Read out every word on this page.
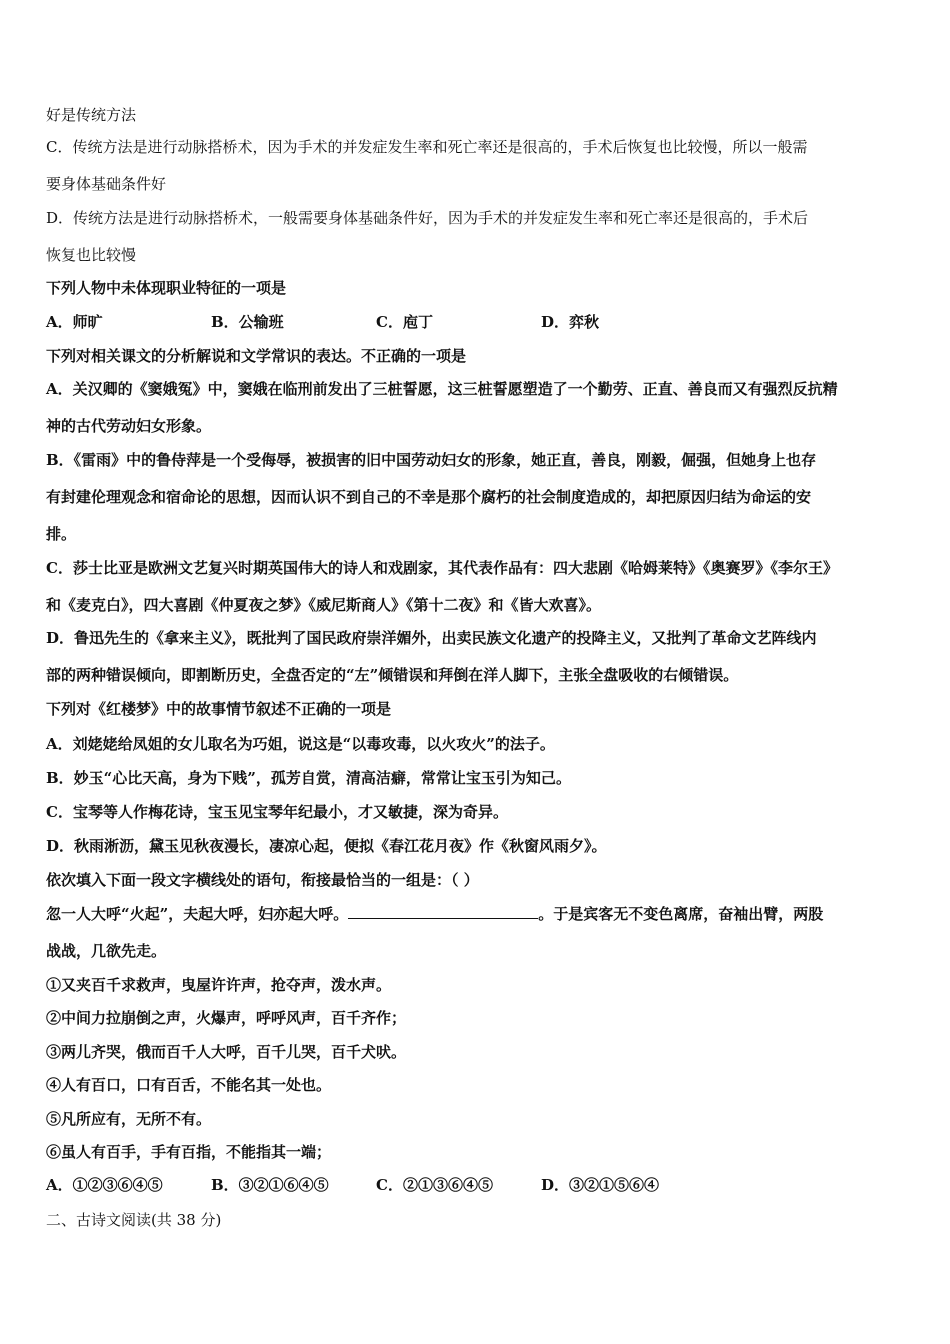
好是传统方法
C．传统方法是进行动脉搭桥术，因为手术的并发症发生率和死亡率还是很高的，手术后恢复也比较慢，所以一般需
要身体基础条件好
D．传统方法是进行动脉搭桥术，一般需要身体基础条件好，因为手术的并发症发生率和死亡率还是很高的，手术后
恢复也比较慢
下列人物中未体现职业特征的一项是
A．师旷	B．公输班	C．庖丁	D．弈秋
下列对相关课文的分析解说和文学常识的表达。不正确的一项是
A．关汉卿的《窦娥冤》中，窦娥在临刑前发出了三桩誓愿，这三桩誓愿塑造了一个勤劳、正直、善良而又有强烈反抗精
神的古代劳动妇女形象。
B．《雷雨》中的鲁侍萍是一个受侮辱，被损害的旧中国劳动妇女的形象，她正直，善良，刚毅，倔强，但她身上也存
有封建伦理观念和宿命论的思想，因而认识不到自己的不幸是那个腐朽的社会制度造成的，却把原因归结为命运的安
排。
C．莎士比亚是欧洲文艺复兴时期英国伟大的诗人和戏剧家，其代表作品有：四大悲剧《哈姆莱特》《奥赛罗》《李尔王》
和《麦克白》，四大喜剧《仲夏夜之梦》《威尼斯商人》《第十二夜》和《皆大欢喜》。
D．鲁迅先生的《拿来主义》，既批判了国民政府崇洋媚外，出卖民族文化遗产的投降主义，又批判了革命文艺阵线内
部的两种错误倾向，即割断历史，全盘否定的“左”倾错误和拜倒在洋人脚下，主张全盘吸收的右倾错误。
下列对《红楼梦》中的故事情节叙述不正确的一项是
A．刘姥姥给凤姐的女儿取名为巧姐，说这是“以毒攻毒，以火攻火”的法子。
B．妙玉“心比天高，身为下贱”，孤芳自赏，清高洁癖，常常让宝玉引为知己。
C．宝琴等人作梅花诗，宝玉见宝琴年纪最小，才又敏捷，深为奇异。
D．秋雨淅沥，黛玉见秋夜漫长，凄凉心起，便拟《春江花月夜》作《秋窗风雨夕》。
依次填入下面一段文字横线处的语句，衔接最恰当的一组是：（ ）
忽一人大呼“火起”，夫起大呼，妇亦起大呼。	。于是宾客无不变色离席，奋袖出臂，两股
战战，几欲先走。
①又夹百千求救声，曳屋许许声，抢夺声，泼水声。
②中间力拉崩倒之声，火爆声，呼呼风声，百千齐作；
③两儿齐哭，俄而百千人大呼，百千儿哭，百千犬吠。
④人有百口，口有百舌，不能名其一处也。
⑤凡所应有，无所不有。
⑥虽人有百手，手有百指，不能指其一端；
A．①②③⑥④⑤	B．③②①⑥④⑤	C．②①③⑥④⑤	D．③②①⑤⑥④
二、古诗文阅读(共 38 分)
